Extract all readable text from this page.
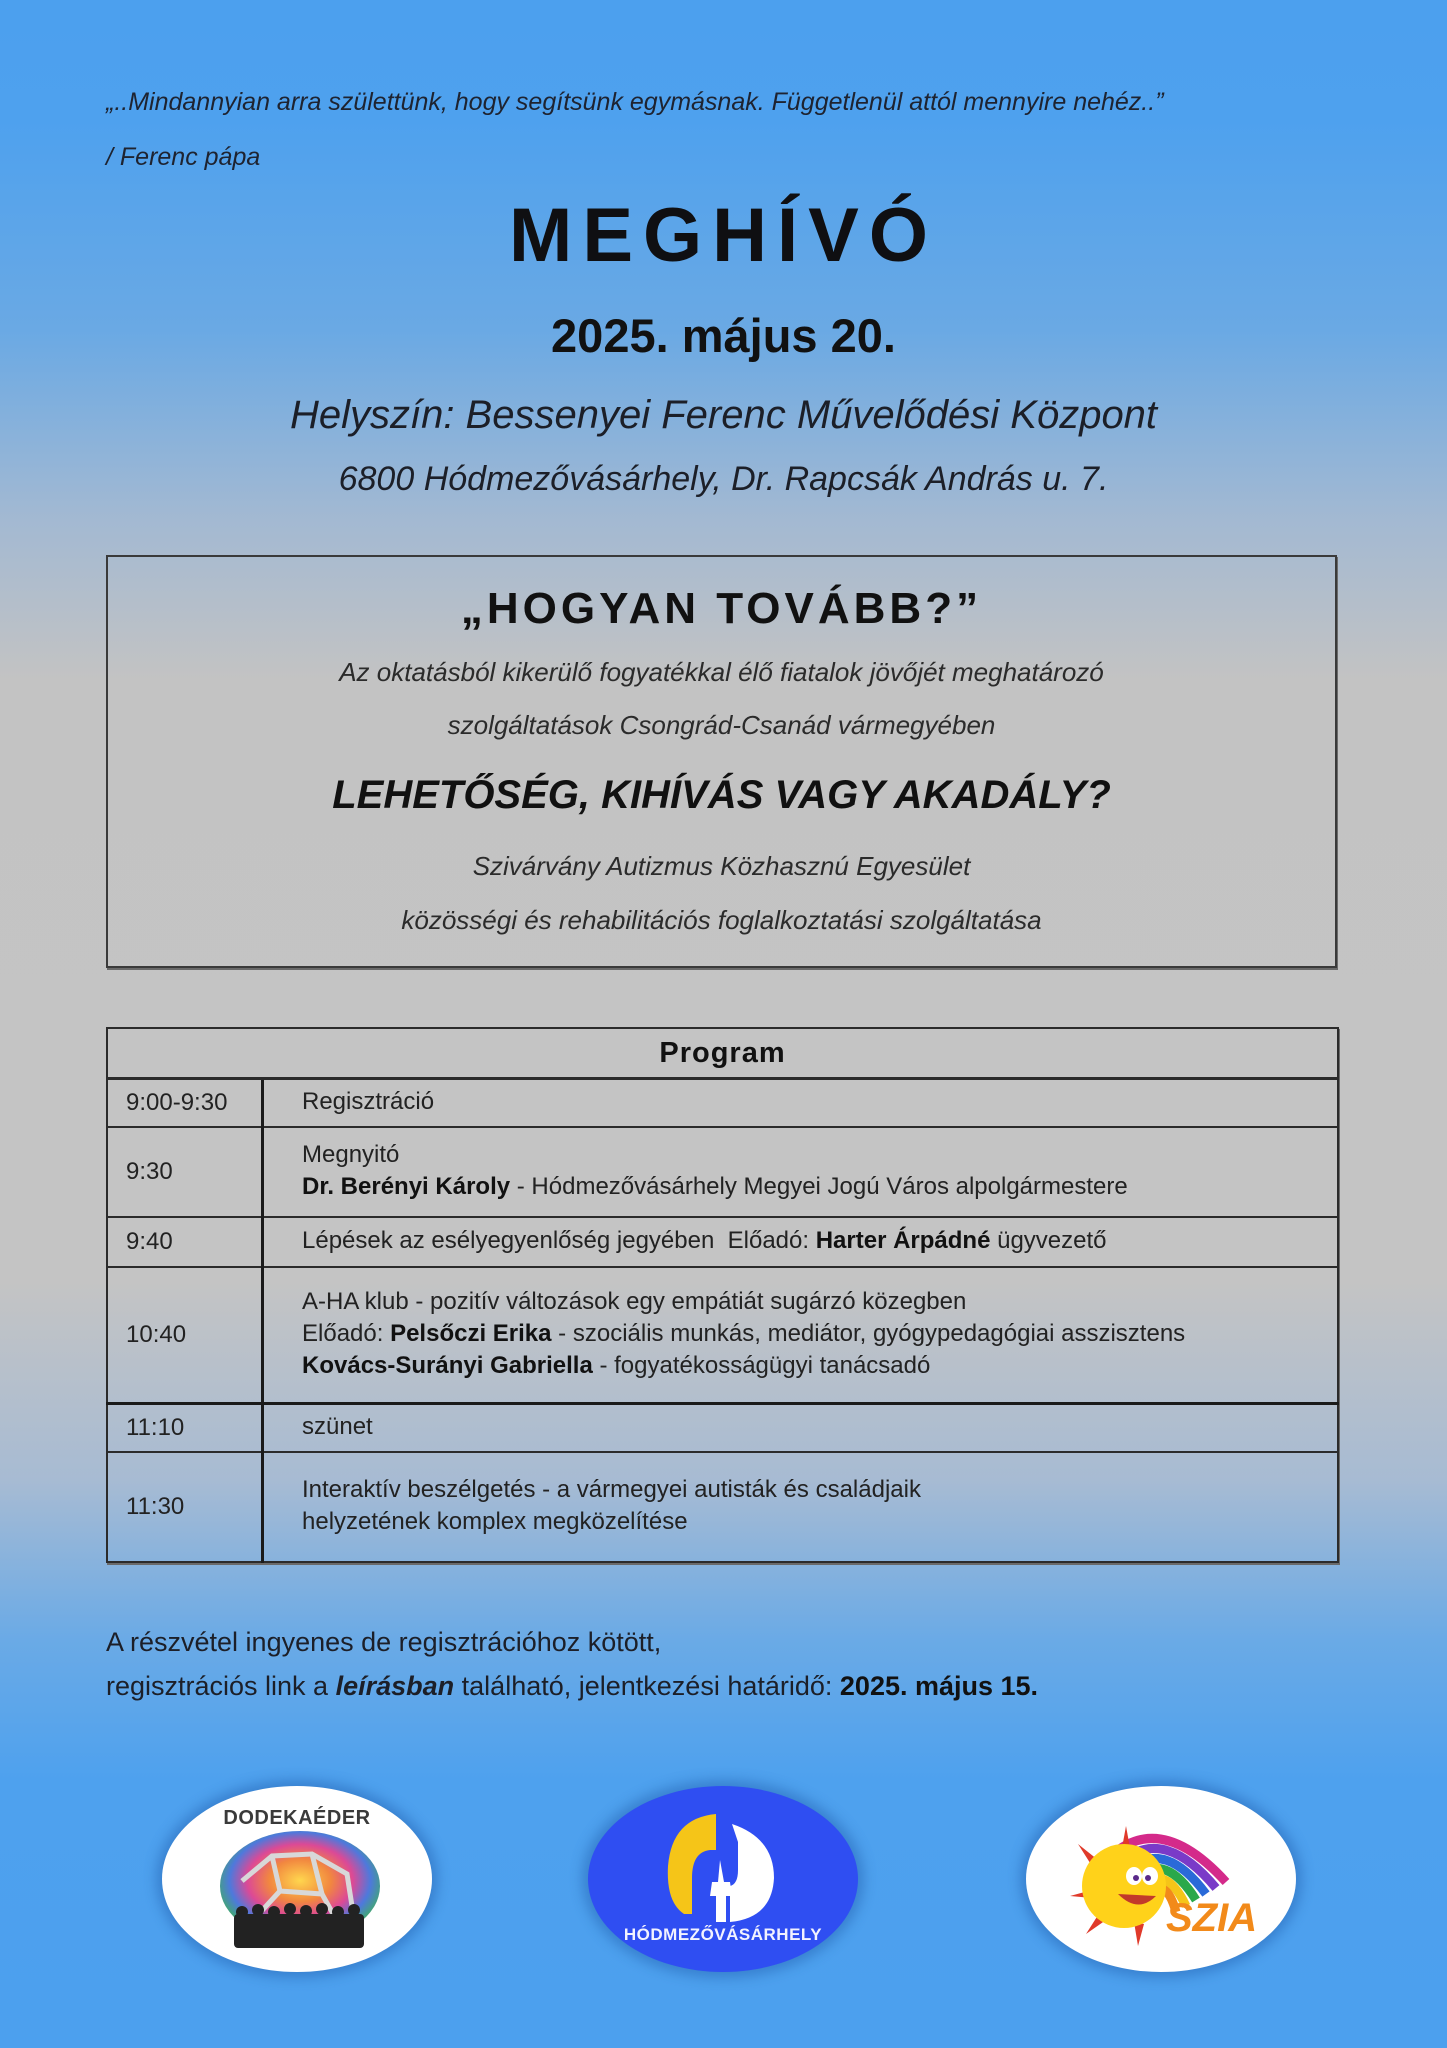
„..Mindannyian arra születtünk, hogy segítsünk egymásnak. Függetlenül attól mennyire nehéz..”
/ Ferenc pápa
MEGHÍVÓ
2025. május 20.
Helyszín: Bessenyei Ferenc Művelődési Központ
6800 Hódmezővásárhely, Dr. Rapcsák András u. 7.
„HOGYAN TOVÁBB?”
Az oktatásból kikerülő fogyatékkal élő fiatalok jövőjét meghatározó
szolgáltatások Csongrád-Csanád vármegyében
LEHETŐSÉG, KIHÍVÁS VAGY AKADÁLY?
Szivárvány Autizmus Közhasznú Egyesület
közösségi és rehabilitációs foglalkoztatási szolgáltatása
Program	
9:00-9:30	Regisztráció

9:30	Megnyitó
Dr. Berényi Károly - Hódmezővásárhely Megyei Jogú Város alpolgármestere

9:40	Lépések az esélyegyenlőség jegyében  Előadó: Harter Árpádné ügyvezető

10:40	A-HA klub - pozitív változások egy empátiát sugárzó közegben
Előadó: Pelsőczi Erika - szociális munkás, mediátor, gyógypedagógiai asszisztens
Kovács-Surányi Gabriella - fogyatékosságügyi tanácsadó

11:10	szünet

11:30	Interaktív beszélgetés - a vármegyei autisták és családjaik
helyzetének komplex megközelítése
A részvétel ingyenes de regisztrációhoz kötött,
regisztrációs link a leírásban található, jelentkezési határidő: 2025. május 15.
DODEKAÉDER
HÓDMEZŐVÁSÁRHELY	SZIA
